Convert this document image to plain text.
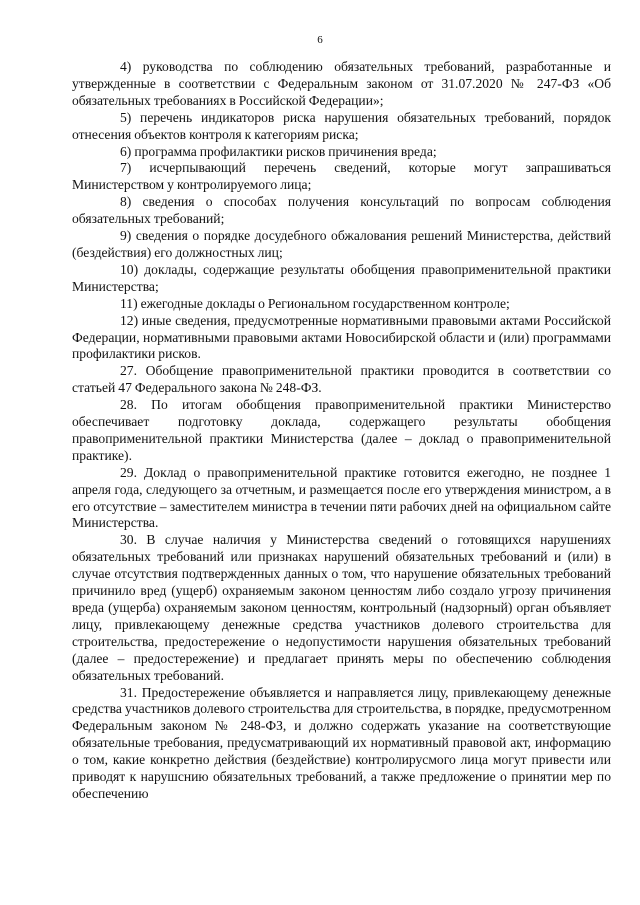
6

4) руководства по соблюдению обязательных требований, разработанные и утвержденные в соответствии с Федеральным законом от 31.07.2020 № 247-ФЗ «Об обязательных требованиях в Российской Федерации»;

5) перечень индикаторов риска нарушения обязательных требований, порядок отнесения объектов контроля к категориям риска;

6) программа профилактики рисков причинения вреда;

7) исчерпывающий перечень сведений, которые могут запрашиваться Министерством у контролируемого лица;

8) сведения о способах получения консультаций по вопросам соблюдения обязательных требований;

9) сведения о порядке досудебного обжалования решений Министерства, действий (бездействия) его должностных лиц;

10) доклады, содержащие результаты обобщения правоприменительной практики Министерства;

11) ежегодные доклады о Региональном государственном контроле;

12) иные сведения, предусмотренные нормативными правовыми актами Российской Федерации, нормативными правовыми актами Новосибирской области и (или) программами профилактики рисков.

27. Обобщение правоприменительной практики проводится в соответствии со статьей 47 Федерального закона № 248-ФЗ.

28. По итогам обобщения правоприменительной практики Министерство обеспечивает подготовку доклада, содержащего результаты обобщения правоприменительной практики Министерства (далее – доклад о правоприменительной практике).

29. Доклад о правоприменительной практике готовится ежегодно, не позднее 1 апреля года, следующего за отчетным, и размещается после его утверждения министром, а в его отсутствие – заместителем министра в течении пяти рабочих дней на официальном сайте Министерства.

30. В случае наличия у Министерства сведений о готовящихся нарушениях обязательных требований или признаках нарушений обязательных требований и (или) в случае отсутствия подтвержденных данных о том, что нарушение обязательных требований причинило вред (ущерб) охраняемым законом ценностям либо создало угрозу причинения вреда (ущерба) охраняемым законом ценностям, контрольный (надзорный) орган объявляет лицу, привлекающему денежные средства участников долевого строительства для строительства, предостережение о недопустимости нарушения обязательных требований (далее – предостережение) и предлагает принять меры по обеспечению соблюдения обязательных требований.

31. Предостережение объявляется и направляется лицу, привлекающему денежные средства участников долевого строительства для строительства, в порядке, предусмотренном Федеральным законом № 248-ФЗ, и должно содержать указание на соответствующие обязательные требования, предусматривающий их нормативный правовой акт, информацию о том, какие конкретно действия (бездействие) контролирусмого лица могут привести или приводят к нарушснию обязательных требований, а также предложение о принятии мер по обеспечению
